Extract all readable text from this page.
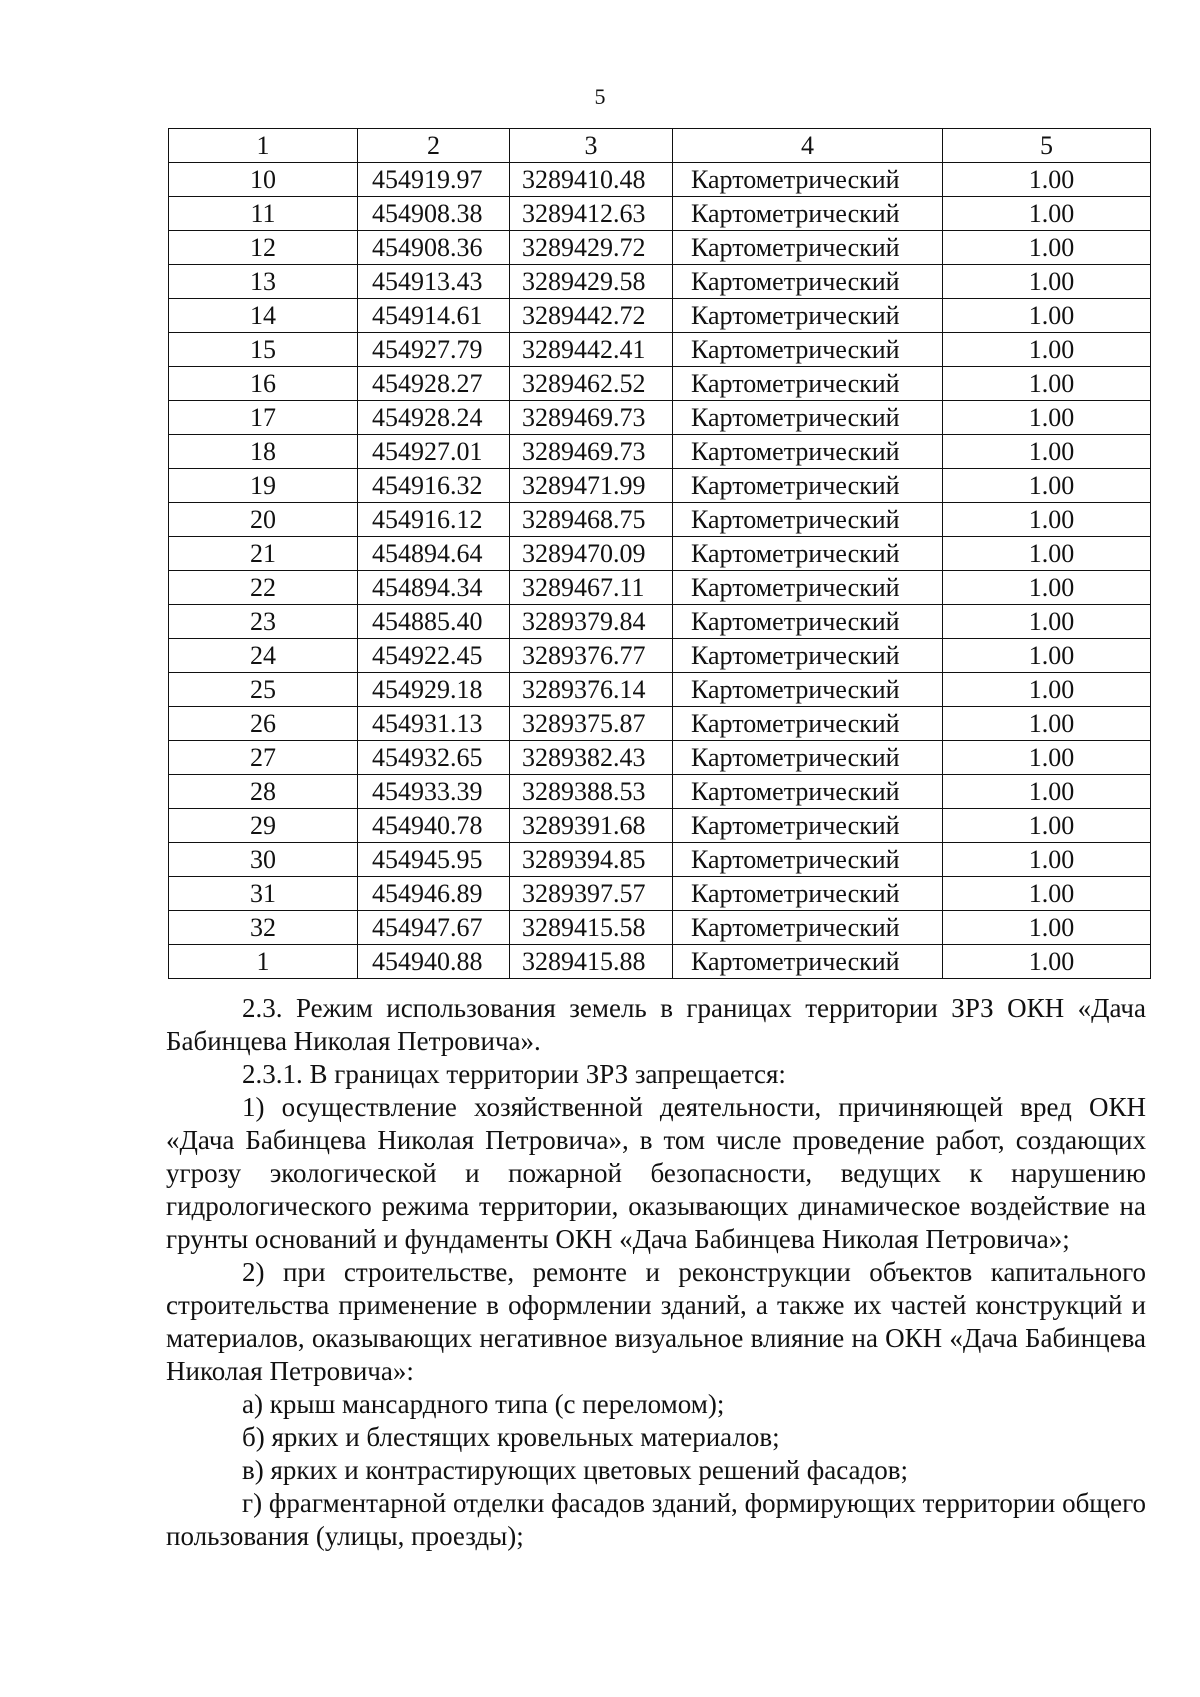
5
1	2	3	4	5
10	454919.97	3289410.48	Картометрический	1.00
11	454908.38	3289412.63	Картометрический	1.00
12	454908.36	3289429.72	Картометрический	1.00
13	454913.43	3289429.58	Картометрический	1.00
14	454914.61	3289442.72	Картометрический	1.00
15	454927.79	3289442.41	Картометрический	1.00
16	454928.27	3289462.52	Картометрический	1.00
17	454928.24	3289469.73	Картометрический	1.00
18	454927.01	3289469.73	Картометрический	1.00
19	454916.32	3289471.99	Картометрический	1.00
20	454916.12	3289468.75	Картометрический	1.00
21	454894.64	3289470.09	Картометрический	1.00
22	454894.34	3289467.11	Картометрический	1.00
23	454885.40	3289379.84	Картометрический	1.00
24	454922.45	3289376.77	Картометрический	1.00
25	454929.18	3289376.14	Картометрический	1.00
26	454931.13	3289375.87	Картометрический	1.00
27	454932.65	3289382.43	Картометрический	1.00
28	454933.39	3289388.53	Картометрический	1.00
29	454940.78	3289391.68	Картометрический	1.00
30	454945.95	3289394.85	Картометрический	1.00
31	454946.89	3289397.57	Картометрический	1.00
32	454947.67	3289415.58	Картометрический	1.00
1	454940.88	3289415.88	Картометрический	1.00

2.3. Режим использования земель в границах территории ЗРЗ ОКН «Дача Бабинцева Николая Петровича».

2.3.1. В границах территории ЗРЗ запрещается:

1) осуществление хозяйственной деятельности, причиняющей вред ОКН «Дача Бабинцева Николая Петровича», в том числе проведение работ, создающих угрозу экологической и пожарной безопасности, ведущих к нарушению гидрологического режима территории, оказывающих динамическое воздействие на грунты оснований и фундаменты ОКН «Дача Бабинцева Николая Петровича»;

2) при строительстве, ремонте и реконструкции объектов капитального строительства применение в оформлении зданий, а также их частей конструкций и материалов, оказывающих негативное визуальное влияние на ОКН «Дача Бабинцева Николая Петровича»:

а) крыш мансардного типа (с переломом);

б) ярких и блестящих кровельных материалов;

в) ярких и контрастирующих цветовых решений фасадов;

г) фрагментарной отделки фасадов зданий, формирующих территории общего пользования (улицы, проезды);
